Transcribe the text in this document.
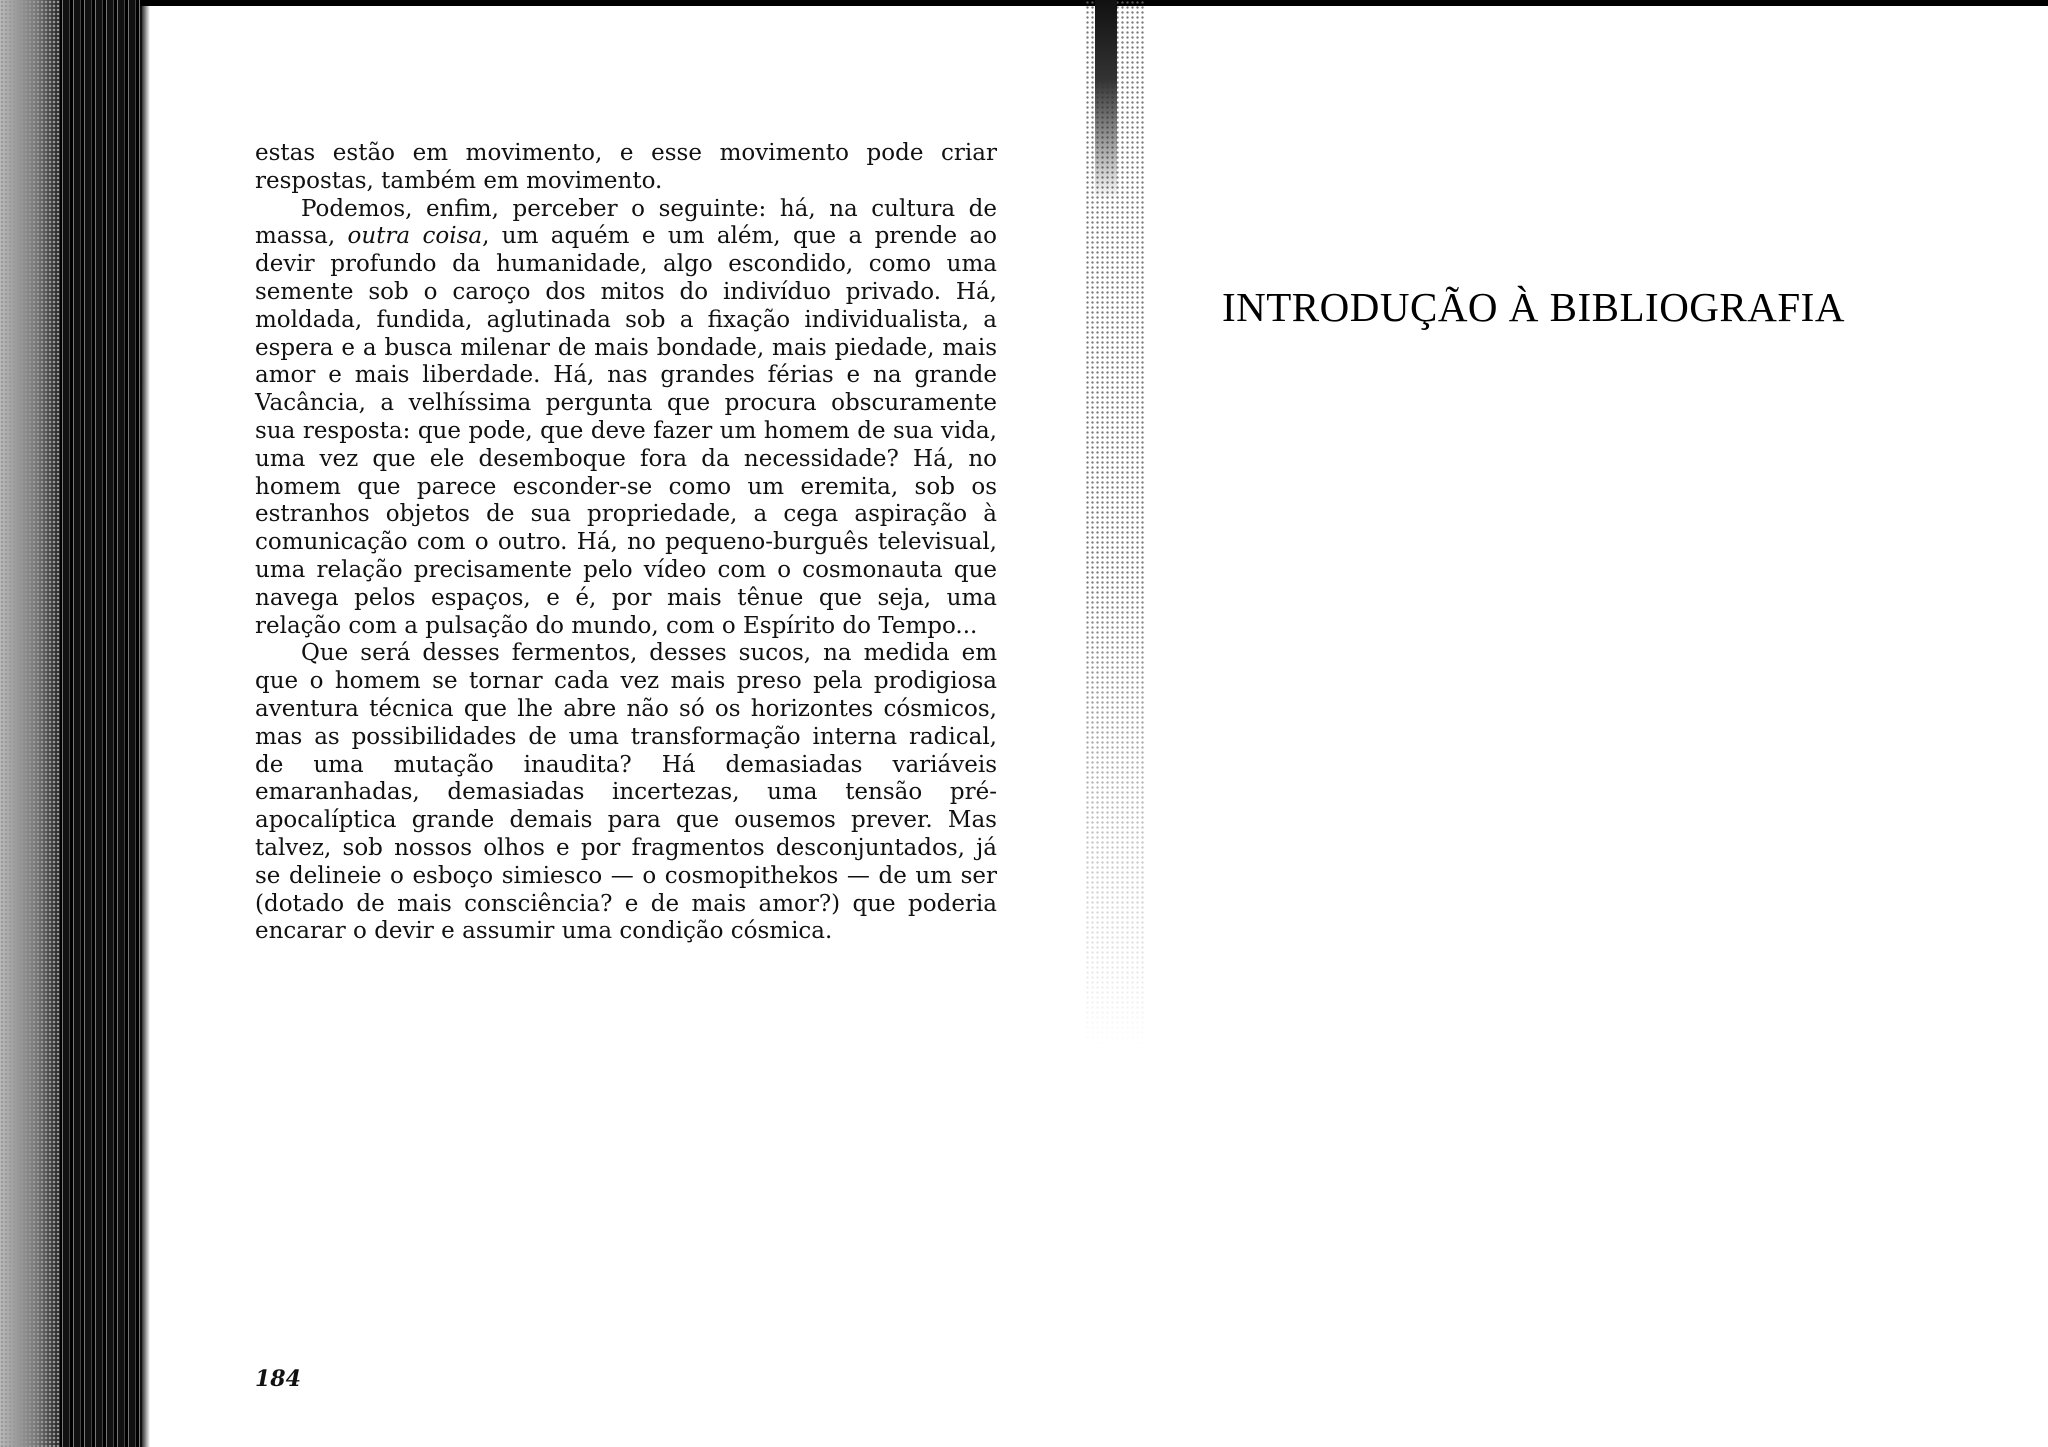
estas estão em movimento, e esse movimento pode criar respostas, também em movimento.

Podemos, enfim, perceber o seguinte: há, na cultura de massa, outra coisa, um aquém e um além, que a prende ao devir profundo da humanidade, algo escondido, como uma semente sob o caroço dos mitos do indivíduo privado. Há, moldada, fundida, aglutinada sob a fixação individualista, a espera e a busca milenar de mais bondade, mais piedade, mais amor e mais liberdade. Há, nas grandes férias e na grande Vacância, a velhíssima pergunta que procura obscuramente sua resposta: que pode, que deve fazer um homem de sua vida, uma vez que ele desemboque fora da necessidade? Há, no homem que parece esconder-se como um eremita, sob os estranhos objetos de sua propriedade, a cega aspiração à comunicação com o outro. Há, no pequeno-burguês televisual, uma relação precisamente pelo vídeo com o cosmonauta que navega pelos espaços, e é, por mais tênue que seja, uma relação com a pulsação do mundo, com o Espírito do Tempo...

Que será desses fermentos, desses sucos, na medida em que o homem se tornar cada vez mais preso pela prodigiosa aventura técnica que lhe abre não só os horizontes cósmicos, mas as possibilidades de uma transformação interna radical, de uma mutação inaudita? Há demasiadas variáveis emaranhadas, demasiadas incertezas, uma tensão pré-apocalíptica grande demais para que ousemos prever. Mas talvez, sob nossos olhos e por fragmentos desconjuntados, já se delineie o esboço simiesco — o cosmopithekos — de um ser (dotado de mais consciência? e de mais amor?) que poderia encarar o devir e assumir uma condição cósmica.

184
INTRODUÇÃO À BIBLIOGRAFIA
